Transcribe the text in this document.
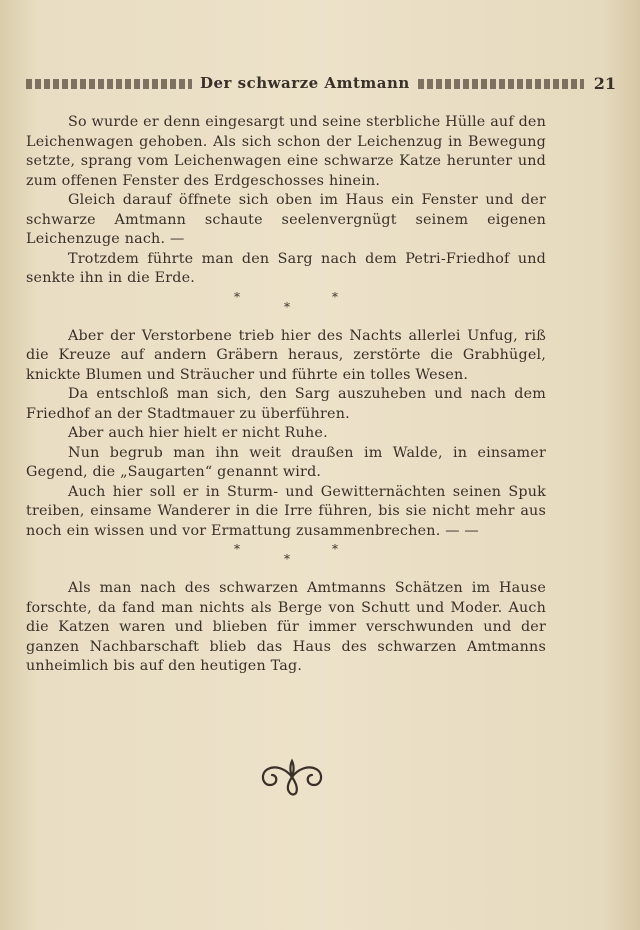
Der schwarze Amtmann	21

So wurde er denn eingesargt und seine sterbliche Hülle auf den Leichenwagen gehoben. Als sich schon der Leichenzug in Bewegung setzte, sprang vom Leichenwagen eine schwarze Katze herunter und zum offenen Fenster des Erdgeschosses hinein.

Gleich darauf öffnete sich oben im Haus ein Fenster und der schwarze Amtmann schaute seelenvergnügt seinem eigenen Leichenzuge nach. —

Trotzdem führte man den Sarg nach dem Petri-Friedhof und senkte ihn in die Erde.

*
*
*

Aber der Verstorbene trieb hier des Nachts allerlei Unfug, riß die Kreuze auf andern Gräbern heraus, zerstörte die Grabhügel, knickte Blumen und Sträucher und führte ein tolles Wesen.

Da entschloß man sich, den Sarg auszuheben und nach dem Friedhof an der Stadtmauer zu überführen.

Aber auch hier hielt er nicht Ruhe.

Nun begrub man ihn weit draußen im Walde, in einsamer Gegend, die „Saugarten“ genannt wird.

Auch hier soll er in Sturm- und Gewitternächten seinen Spuk treiben, einsame Wanderer in die Irre führen, bis sie nicht mehr aus noch ein wissen und vor Ermattung zusammenbrechen. — —

*
*
*

Als man nach des schwarzen Amtmanns Schätzen im Hause forschte, da fand man nichts als Berge von Schutt und Moder. Auch die Katzen waren und blieben für immer verschwunden und der ganzen Nachbarschaft blieb das Haus des schwarzen Amtmanns unheimlich bis auf den heutigen Tag.
